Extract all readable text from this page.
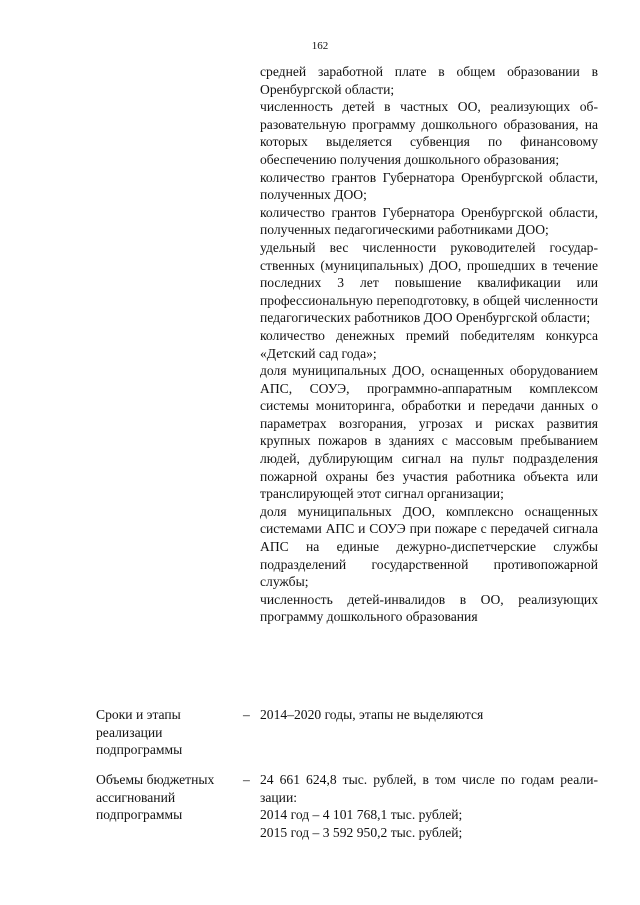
162

средней заработной плате в общем образовании в Оренбургской области;

численность детей в частных ОО, реализующих образовательную программу дошкольного образования, на которых выделяется субвенция по финансовому обеспечению получения дошкольного образования;

количество грантов Губернатора Оренбургской области, полученных ДОО;

количество грантов Губернатора Оренбургской области, полученных педагогическими работниками ДОО;

удельный вес численности руководителей государственных (муниципальных) ДОО, прошедших в течение последних 3 лет повышение квалификации или профессиональную переподготовку, в общей численности педагогических работников ДОО Оренбургской области;

количество денежных премий победителям конкурса «Детский сад года»;

доля муниципальных ДОО, оснащенных оборудованием АПС, СОУЭ, программно-аппаратным комплексом системы мониторинга, обработки и передачи данных о параметрах возгорания, угрозах и рисках развития крупных пожаров в зданиях с массовым пребыванием людей, дублирующим сигнал на пульт подразделения пожарной охраны без участия работника объекта или транслирующей этот сигнал организации;

доля муниципальных ДОО, комплексно оснащенных системами АПС и СОУЭ при пожаре с передачей сигнала АПС на единые дежурно-диспетчерские службы подразделений государственной противопожарной службы;

численность детей-инвалидов в ОО, реализующих программу дошкольного образования

Сроки и этапы реализации подпрограммы
– 2014–2020 годы, этапы не выделяются
Объемы бюджетных ассигнований подпрограммы
– 24 661 624,8 тыс. рублей, в том числе по годам реализации:

2014 год – 4 101 768,1 тыс. рублей;

2015 год – 3 592 950,2 тыс. рублей;
